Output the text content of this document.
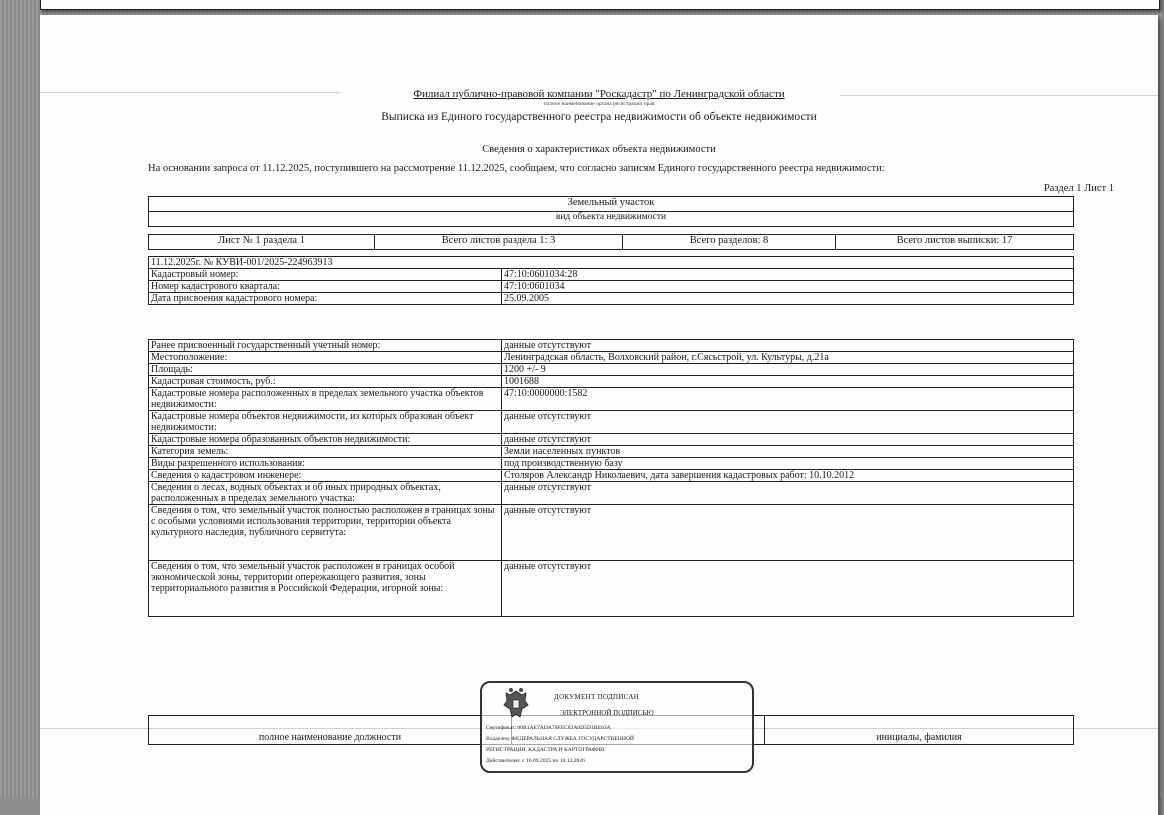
Филиал публично-правовой компании "Роскадастр" по Ленинградской области
полное наименование органа регистрации прав
Выписка из Единого государственного реестра недвижимости об объекте недвижимости
Сведения о характеристиках объекта недвижимости
На основании запроса от 11.12.2025, поступившего на рассмотрение 11.12.2025, сообщаем, что согласно записям Единого государственного реестра недвижимости:
Раздел 1 Лист 1
Земельный участок
вид объекта недвижимости
Лист № 1 раздела 1	Всего листов раздела 1: 3	Всего разделов: 8	Всего листов выписки: 17
11.12.2025г. № КУВИ-001/2025-224963913	
Кадастровый номер:	47:10:0601034:28
Номер кадастрового квартала:	47:10:0601034
Дата присвоения кадастрового номера:	25.09.2005
Ранее присвоенный государственный учетный номер:	данные отсутствуют
Местоположение:	Ленинградская область, Волховский район, г.Сясьстрой, ул. Культуры, д.21а
Площадь:	1200 +/- 9
Кадастровая стоимость, руб.:	1001688
Кадастровые номера расположенных в пределах земельного участка объектов недвижимости:	47:10:0000000:1582
Кадастровые номера объектов недвижимости, из которых образован объект недвижимости:	данные отсутствуют
Кадастровые номера образованных объектов недвижимости:	данные отсутствуют
Категория земель:	Земли населенных пунктов
Виды разрешенного использования:	под производственную базу
Сведения о кадастровом инженере:	Столяров Александр Николаевич, дата завершения кадастровых работ: 10.10.2012
Сведения о лесах, водных объектах и об иных природных объектах, расположенных в пределах земельного участка:	данные отсутствуют
Сведения о том, что земельный участок полностью расположен в границах зоны с особыми условиями использования территории, территории объекта культурного наследия, публичного сервитута:	данные отсутствуют
Сведения о том, что земельный участок расположен в границах особой экономической зоны, территории опережающего развития, зоны территориального развития в Российской Федерации, игорной зоны:	данные отсутствуют
полное наименование должности		инициалы, фамилия
ДОКУМЕНТ ПОДПИСАН
ЭЛЕКТРОННОЙ ПОДПИСЬЮ
Сертификат: 00B1АЕ7ADA78FEC82A0D5D1BE63A
Владелец: ФЕДЕРАЛЬНАЯ СЛУЖБА ГОСУДАРСТВЕННОЙ
РЕГИСТРАЦИИ, КАДАСТРА И КАРТОГРАФИИ
Действителен: с 16.09.2025 по 10.12.2026
